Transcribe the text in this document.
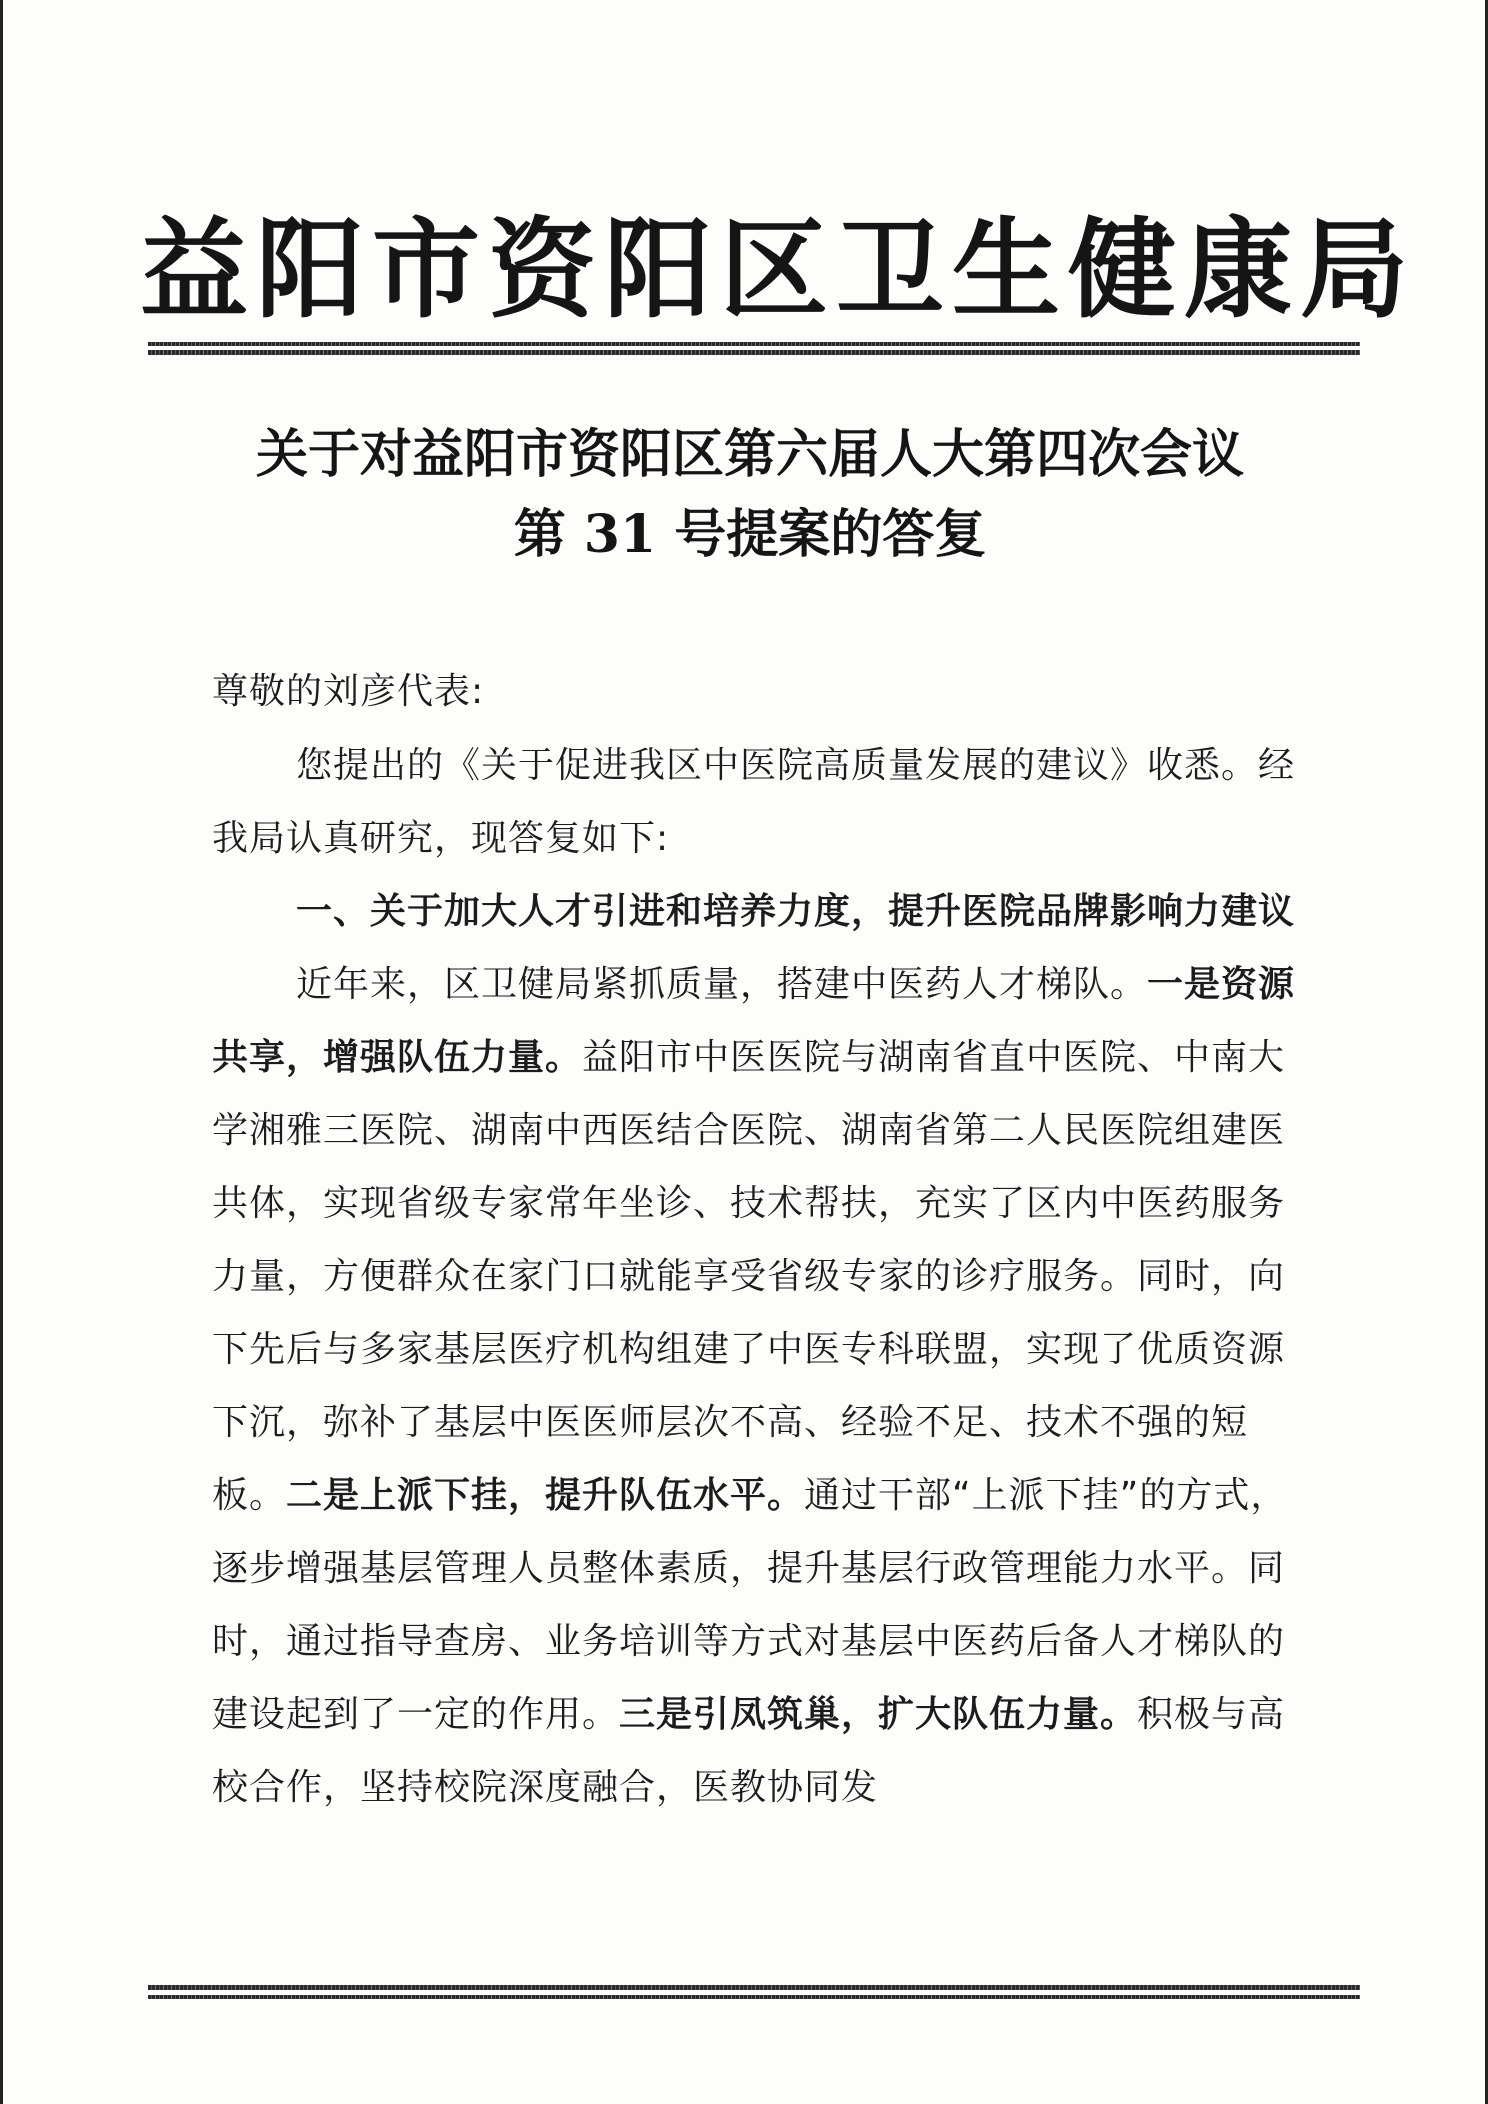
益阳市资阳区卫生健康局
关于对益阳市资阳区第六届人大第四次会议
第 31 号提案的答复
尊敬的刘彦代表:
您提出的《关于促进我区中医院高质量发展的建议》收悉。经我局认真研究，现答复如下:
一、关于加大人才引进和培养力度，提升医院品牌影响力建议
近年来，区卫健局紧抓质量，搭建中医药人才梯队。一是资源共享，增强队伍力量。益阳市中医医院与湖南省直中医院、中南大学湘雅三医院、湖南中西医结合医院、湖南省第二人民医院组建医共体，实现省级专家常年坐诊、技术帮扶，充实了区内中医药服务力量，方便群众在家门口就能享受省级专家的诊疗服务。同时，向下先后与多家基层医疗机构组建了中医专科联盟，实现了优质资源下沉，弥补了基层中医医师层次不高、经验不足、技术不强的短板。二是上派下挂，提升队伍水平。通过干部“上派下挂”的方式，逐步增强基层管理人员整体素质，提升基层行政管理能力水平。同时，通过指导查房、业务培训等方式对基层中医药后备人才梯队的建设起到了一定的作用。三是引凤筑巢，扩大队伍力量。积极与高校合作，坚持校院深度融合，医教协同发
